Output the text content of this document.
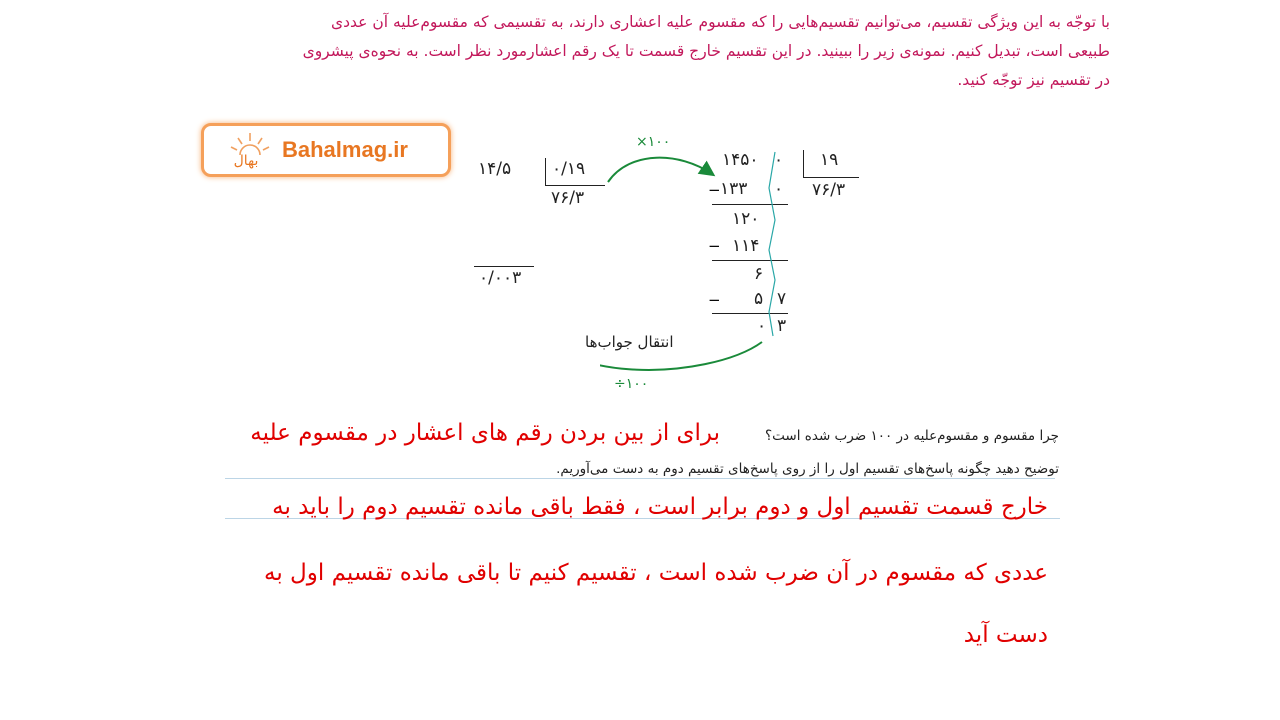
با توجّه به این ویژگی تقسیم، می‌توانیم تقسیم‌هایی را که مقسوم علیه اعشاری دارند، به تقسیمی که مقسوم‌علیه آن عددی

طبیعی است، تبدیل کنیم. نمونه‌ی زیر را ببینید. در این تقسیم خارج قسمت تا یک رقم اعشارمورد نظر است. به نحوه‌ی پیشروی

در تقسیم نیز توجّه کنید.

بهال Bahalmag.ir
۱۴/۵ ۰/۱۹
۷۶/۳
۰/۰۰۳
۱۴۵۰ ۰ ۱۹
۷۶/۳
− ۱۳۳ ۰
۱۲۰
− ۱۱۴
۶
− ۵ ۷
۰ ۳
×۱۰۰
÷۱۰۰
انتقال جواب‌ها
چرا مقسوم و مقسوم‌علیه در ۱۰۰ ضرب شده است؟
توضیح دهید چگونه پاسخ‌های تقسیم اول را از روی پاسخ‌های تقسیم دوم به دست می‌آوریم.
برای از بین بردن رقم های اعشار در مقسوم علیه
خارج قسمت تقسیم اول و دوم برابر است ، فقط باقی مانده تقسیم دوم را باید به
عددی که مقسوم در آن ضرب شده است ، تقسیم کنیم تا باقی مانده تقسیم اول به
دست آید
